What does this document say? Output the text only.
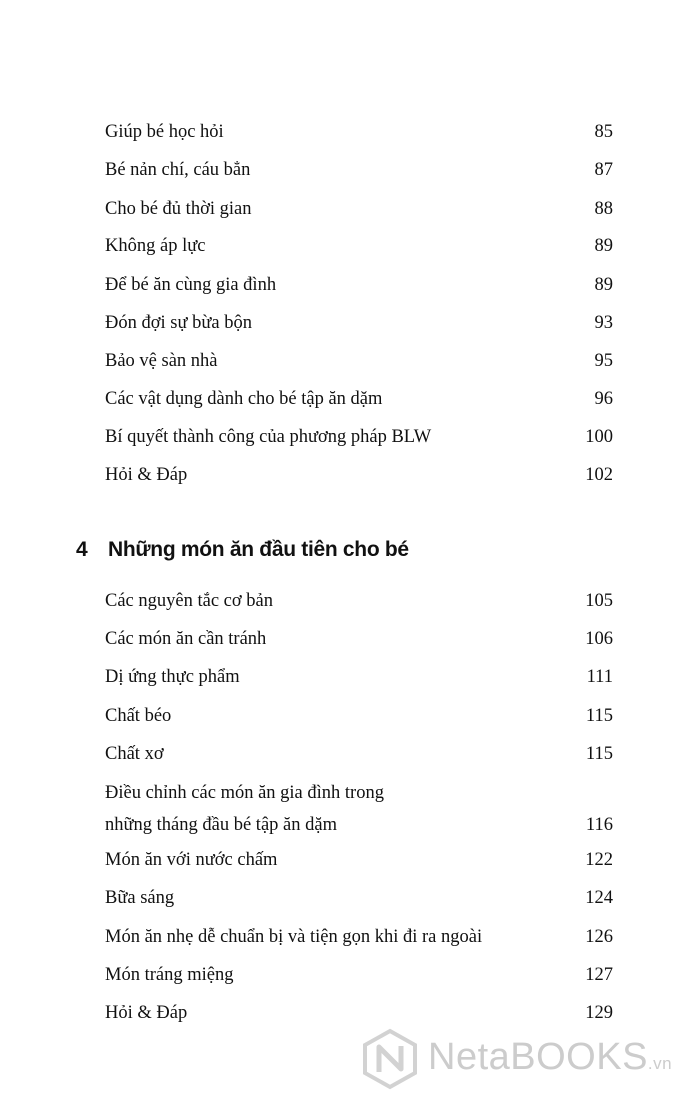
Giúp bé học hỏi	85
Bé nản chí, cáu bẳn	87
Cho bé đủ thời gian	88
Không áp lực	89
Để bé ăn cùng gia đình	89
Đón đợi sự bừa bộn	93
Bảo vệ sàn nhà	95
Các vật dụng dành cho bé tập ăn dặm	96
Bí quyết thành công của phương pháp BLW	100
Hỏi & Đáp	102
4 Những món ăn đầu tiên cho bé
Các nguyên tắc cơ bản	105
Các món ăn cần tránh	106
Dị ứng thực phẩm	111
Chất béo	115
Chất xơ	115
Điều chỉnh các món ăn gia đình trong
những tháng đầu bé tập ăn dặm	116
Món ăn với nước chấm	122
Bữa sáng	124
Món ăn nhẹ dễ chuẩn bị và tiện gọn khi đi ra ngoài	126
Món tráng miệng	127
Hỏi & Đáp	129
NetaBOOKS.vn
